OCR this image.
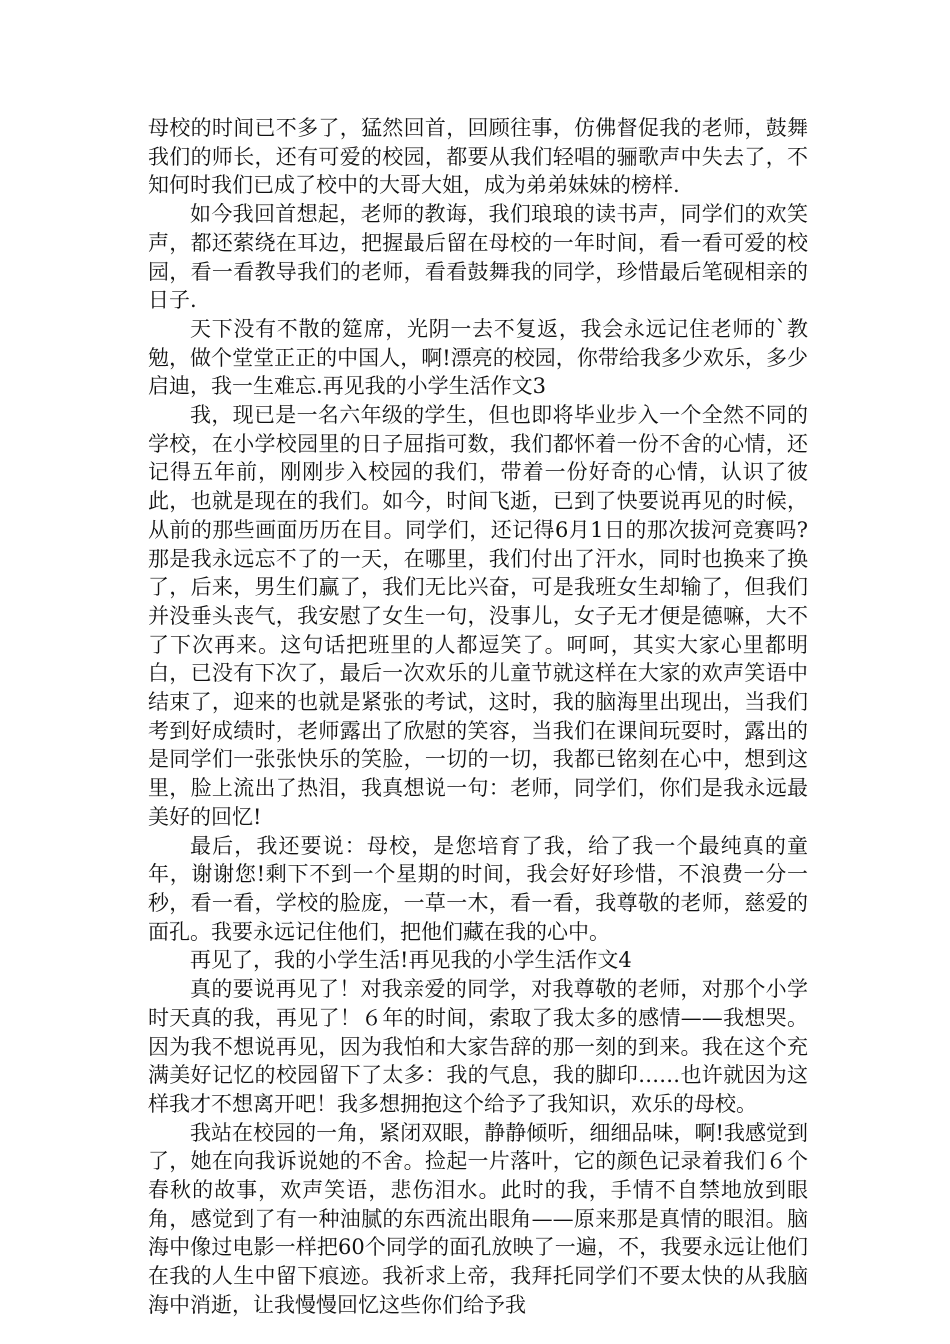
母校的时间已不多了，猛然回首，回顾往事，仿佛督促我的老师，鼓舞我们的师长，还有可爱的校园，都要从我们轻唱的骊歌声中失去了，不知何时我们已成了校中的大哥大姐，成为弟弟妹妹的榜样.

如今我回首想起，老师的教诲，我们琅琅的读书声，同学们的欢笑声，都还萦绕在耳边，把握最后留在母校的一年时间，看一看可爱的校园，看一看教导我们的老师，看看鼓舞我的同学，珍惜最后笔砚相亲的日子.

天下没有不散的筵席，光阴一去不复返，我会永远记住老师的`教勉，做个堂堂正正的中国人，啊!漂亮的校园，你带给我多少欢乐，多少启迪，我一生难忘.再见我的小学生活作文3

我，现已是一名六年级的学生，但也即将毕业步入一个全然不同的学校，在小学校园里的日子屈指可数，我们都怀着一份不舍的心情，还记得五年前，刚刚步入校园的我们，带着一份好奇的心情，认识了彼此，也就是现在的我们。如今，时间飞逝，已到了快要说再见的时候，从前的那些画面历历在目。同学们，还记得6月1日的那次拔河竞赛吗?那是我永远忘不了的一天，在哪里，我们付出了汗水，同时也换来了换了，后来，男生们赢了，我们无比兴奋，可是我班女生却输了，但我们并没垂头丧气，我安慰了女生一句，没事儿，女子无才便是德嘛，大不了下次再来。这句话把班里的人都逗笑了。呵呵，其实大家心里都明白，已没有下次了，最后一次欢乐的儿童节就这样在大家的欢声笑语中结束了，迎来的也就是紧张的考试，这时，我的脑海里出现出，当我们考到好成绩时，老师露出了欣慰的笑容，当我们在课间玩耍时，露出的是同学们一张张快乐的笑脸，一切的一切，我都已铭刻在心中，想到这里，脸上流出了热泪，我真想说一句：老师，同学们，你们是我永远最美好的回忆!

最后，我还要说：母校，是您培育了我，给了我一个最纯真的童年，谢谢您!剩下不到一个星期的时间，我会好好珍惜，不浪费一分一秒，看一看，学校的脸庞，一草一木，看一看，我尊敬的老师，慈爱的面孔。我要永远记住他们，把他们藏在我的心中。

再见了，我的小学生活!再见我的小学生活作文4

真的要说再见了！对我亲爱的同学，对我尊敬的老师，对那个小学时天真的我，再见了！６年的时间，索取了我太多的感情——我想哭。因为我不想说再见，因为我怕和大家告辞的那一刻的到来。我在这个充满美好记忆的校园留下了太多：我的气息，我的脚印……也许就因为这样我才不想离开吧！我多想拥抱这个给予了我知识，欢乐的母校。

我站在校园的一角，紧闭双眼，静静倾听，细细品味，啊!我感觉到了，她在向我诉说她的不舍。捡起一片落叶，它的颜色记录着我们６个春秋的故事，欢声笑语，悲伤泪水。此时的我，手情不自禁地放到眼角，感觉到了有一种油腻的东西流出眼角——原来那是真情的眼泪。脑海中像过电影一样把60个同学的面孔放映了一遍，不，我要永远让他们在我的人生中留下痕迹。我祈求上帝，我拜托同学们不要太快的从我脑海中消逝，让我慢慢回忆这些你们给予我
